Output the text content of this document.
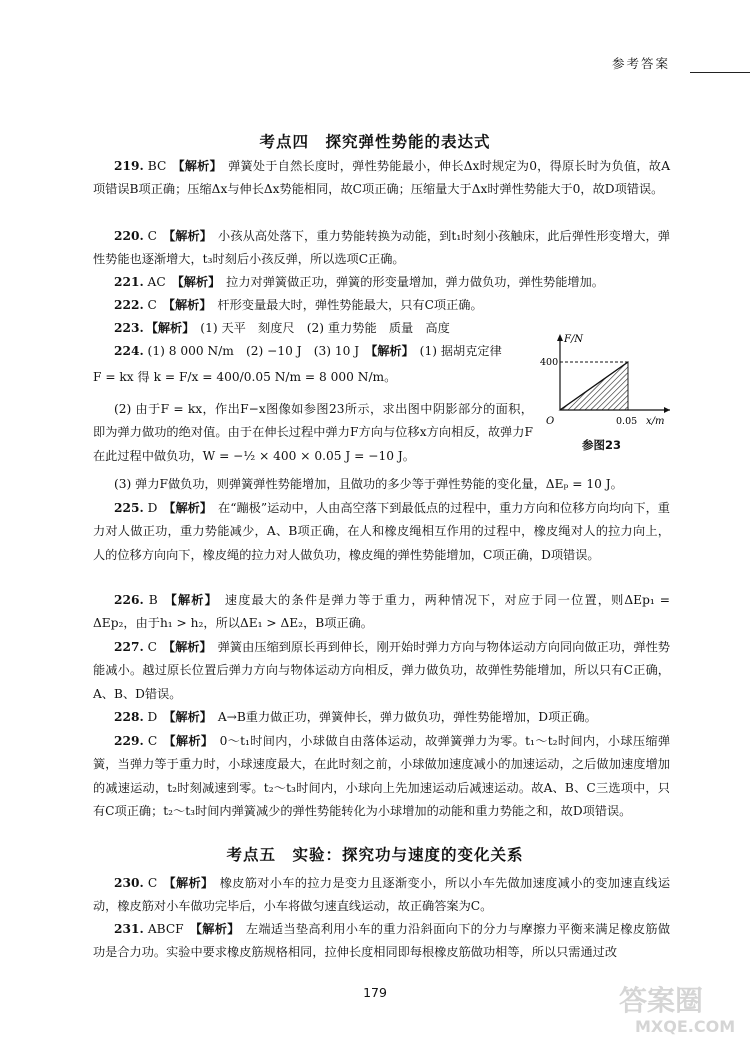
参考答案
考点四　探究弹性势能的表达式
219. BC 【解析】 弹簧处于自然长度时，弹性势能最小，伸长Δx时规定为0，得原长时为负值，故A项错误B项正确；压缩Δx与伸长Δx势能相同，故C项正确；压缩量大于Δx时弹性势能大于0，故D项错误。
220. C 【解析】 小孩从高处落下，重力势能转换为动能，到t₁时刻小孩触床，此后弹性形变增大，弹性势能也逐渐增大，t₃时刻后小孩反弹，所以选项C正确。
221. AC 【解析】 拉力对弹簧做正功，弹簧的形变量增加，弹力做负功，弹性势能增加。
222. C 【解析】 杆形变量最大时，弹性势能最大，只有C项正确。
223. 【解析】 (1) 天平　刻度尺　(2) 重力势能　质量　高度
224. (1) 8 000 N/m　(2) −10 J　(3) 10 J 【解析】 (1) 据胡克定律
F = kx 得 k = F/x = 400/0.05 N/m = 8 000 N/m。
(2) 由于F = kx，作出F−x图像如参图23所示，求出图中阴影部分的面积，即为弹力做功的绝对值。由于在伸长过程中弹力F方向与位移x方向相反，故弹力F在此过程中做负功，W = −½ × 400 × 0.05 J = −10 J。
(3) 弹力F做负功，则弹簧弹性势能增加，且做功的多少等于弹性势能的变化量，ΔEₚ = 10 J。
F/N
400
O	0.05 x/m
参图23
225. D 【解析】 在“蹦极”运动中，人由高空落下到最低点的过程中，重力方向和位移方向均向下，重力对人做正功，重力势能减少，A、B项正确，在人和橡皮绳相互作用的过程中，橡皮绳对人的拉力向上，人的位移方向向下，橡皮绳的拉力对人做负功，橡皮绳的弹性势能增加，C项正确，D项错误。
226. B 【解析】 速度最大的条件是弹力等于重力，两种情况下，对应于同一位置，则ΔEp₁ = ΔEp₂，由于h₁ > h₂，所以ΔE₁ > ΔE₂，B项正确。
227. C 【解析】 弹簧由压缩到原长再到伸长，刚开始时弹力方向与物体运动方向同向做正功，弹性势能减小。越过原长位置后弹力方向与物体运动方向相反，弹力做负功，故弹性势能增加，所以只有C正确，A、B、D错误。
228. D 【解析】 A→B重力做正功，弹簧伸长，弹力做负功，弹性势能增加，D项正确。
229. C 【解析】 0～t₁时间内，小球做自由落体运动，故弹簧弹力为零。t₁～t₂时间内，小球压缩弹簧，当弹力等于重力时，小球速度最大，在此时刻之前，小球做加速度减小的加速运动，之后做加速度增加的减速运动，t₂时刻减速到零。t₂～t₃时间内，小球向上先加速运动后减速运动。故A、B、C三选项中，只有C项正确；t₂～t₃时间内弹簧减少的弹性势能转化为小球增加的动能和重力势能之和，故D项错误。
考点五　实验：探究功与速度的变化关系
230. C 【解析】 橡皮筋对小车的拉力是变力且逐渐变小，所以小车先做加速度减小的变加速直线运动，橡皮筋对小车做功完毕后，小车将做匀速直线运动，故正确答案为C。
231. ABCF 【解析】 左端适当垫高利用小车的重力沿斜面向下的分力与摩擦力平衡来满足橡皮筋做功是合力功。实验中要求橡皮筋规格相同，拉伸长度相同即每根橡皮筋做功相等，所以只需通过改
179	答案圈
MXQE.COM
